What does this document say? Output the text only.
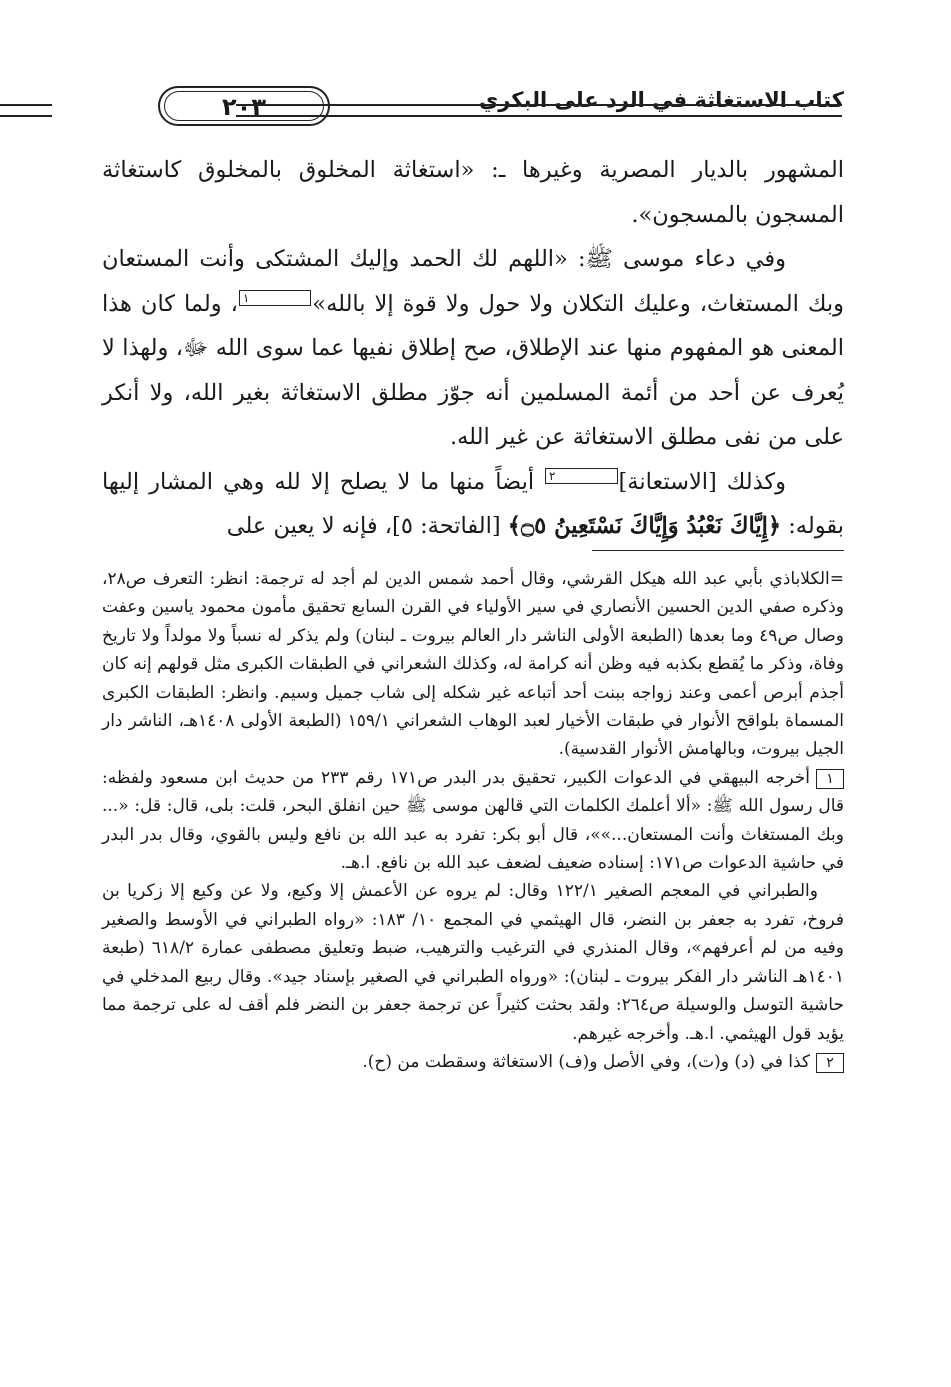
كتاب الاستغاثة في الرد على البكري
٢٠٣

المشهور بالديار المصرية وغيرها ـ: «استغاثة المخلوق بالمخلوق كاستغاثة المسجون بالمسجون».

وفي دعاء موسى ﷺ: «اللهم لك الحمد وإليك المشتكى وأنت المستعان وبك المستغاث، وعليك التكلان ولا حول ولا قوة إلا بالله»١، ولما كان هذا المعنى هو المفهوم منها عند الإطلاق، صح إطلاق نفيها عما سوى الله ﷻ، ولهذا لا يُعرف عن أحد من أئمة المسلمين أنه جوّز مطلق الاستغاثة بغير الله، ولا أنكر على من نفى مطلق الاستغاثة عن غير الله.

وكذلك [الاستعانة]٢ أيضاً منها ما لا يصلح إلا لله وهي المشار إليها بقوله: ﴿إِيَّاكَ نَعْبُدُ وَإِيَّاكَ نَسْتَعِينُ ۝٥﴾ [الفاتحة: ٥]، فإنه لا يعين على

=الكلاباذي بأبي عبد الله هيكل القرشي، وقال أحمد شمس الدين لم أجد له ترجمة: انظر: التعرف ص٢٨، وذكره صفي الدين الحسين الأنصاري في سير الأولياء في القرن السابع تحقيق مأمون محمود ياسين وعفت وصال ص٤٩ وما بعدها (الطبعة الأولى الناشر دار العالم بيروت ـ لبنان) ولم يذكر له نسباً ولا مولداً ولا تاريخ وفاة، وذكر ما يُقطع بكذبه فيه وظن أنه كرامة له، وكذلك الشعراني في الطبقات الكبرى مثل قولهم إنه كان أجذم أبرص أعمى وعند زواجه ببنت أحد أتباعه غير شكله إلى شاب جميل وسيم. وانظر: الطبقات الكبرى المسماة بلواقح الأنوار في طبقات الأخيار لعبد الوهاب الشعراني ١٥٩/١ (الطبعة الأولى ١٤٠٨هـ، الناشر دار الجيل بيروت، وبالهامش الأنوار القدسية).

١أخرجه البيهقي في الدعوات الكبير، تحقيق بدر البدر ص١٧١ رقم ٢٣٣ من حديث ابن مسعود ولفظه: قال رسول الله ﷺ: «ألا أعلمك الكلمات التي قالهن موسى ﷺ حين انفلق البحر، قلت: بلى، قال: قل: «... وبك المستغاث وأنت المستعان...»»، قال أبو بكر: تفرد به عبد الله بن نافع وليس بالقوي، وقال بدر البدر في حاشية الدعوات ص١٧١: إسناده ضعيف لضعف عبد الله بن نافع. ا.هـ.

والطبراني في المعجم الصغير ١٢٢/١ وقال: لم يروه عن الأعمش إلا وكيع، ولا عن وكيع إلا زكريا بن فروخ، تفرد به جعفر بن النضر، قال الهيثمي في المجمع ١٠/ ١٨٣: «رواه الطبراني في الأوسط والصغير وفيه من لم أعرفهم»، وقال المنذري في الترغيب والترهيب، ضبط وتعليق مصطفى عمارة ٦١٨/٢ (طبعة ١٤٠١هـ الناشر دار الفكر بيروت ـ لبنان): «ورواه الطبراني في الصغير بإسناد جيد». وقال ربيع المدخلي في حاشية التوسل والوسيلة ص٢٦٤: ولقد بحثت كثيراً عن ترجمة جعفر بن النضر فلم أقف له على ترجمة مما يؤيد قول الهيثمي. ا.هـ. وأخرجه غيرهم.

٢كذا في (د) و(ت)، وفي الأصل و(ف) الاستغاثة وسقطت من (ح).
